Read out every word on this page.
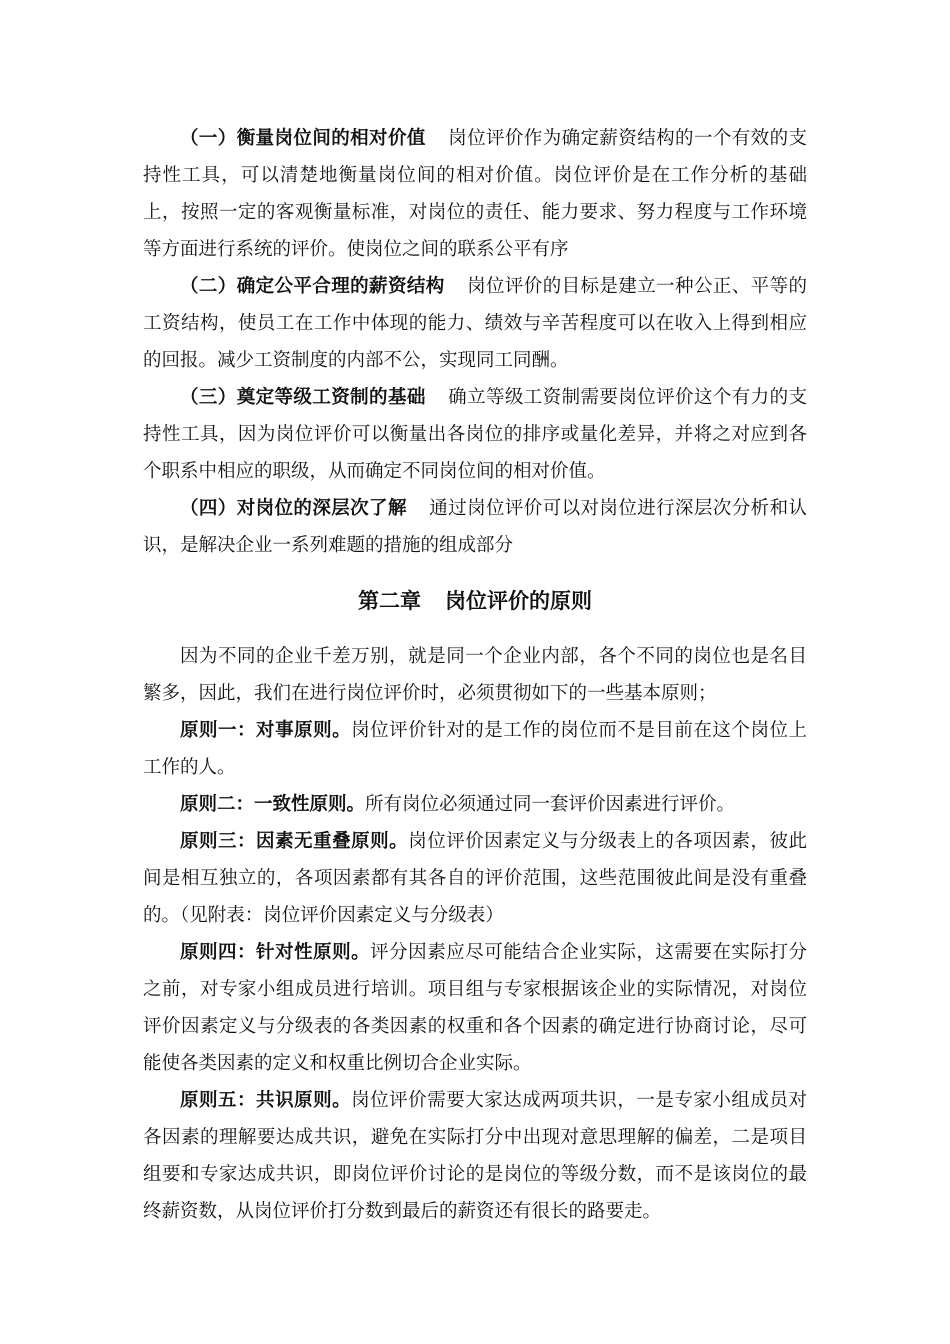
（一）衡量岗位间的相对价值 岗位评价作为确定薪资结构的一个有效的支持性工具，可以清楚地衡量岗位间的相对价值。岗位评价是在工作分析的基础上，按照一定的客观衡量标准，对岗位的责任、能力要求、努力程度与工作环境等方面进行系统的评价。使岗位之间的联系公平有序

（二）确定公平合理的薪资结构 岗位评价的目标是建立一种公正、平等的工资结构，使员工在工作中体现的能力、绩效与辛苦程度可以在收入上得到相应的回报。减少工资制度的内部不公，实现同工同酬。

（三）奠定等级工资制的基础 确立等级工资制需要岗位评价这个有力的支持性工具，因为岗位评价可以衡量出各岗位的排序或量化差异，并将之对应到各个职系中相应的职级，从而确定不同岗位间的相对价值。

（四）对岗位的深层次了解 通过岗位评价可以对岗位进行深层次分析和认识，是解决企业一系列难题的措施的组成部分

第二章 岗位评价的原则

因为不同的企业千差万别，就是同一个企业内部，各个不同的岗位也是名目繁多，因此，我们在进行岗位评价时，必须贯彻如下的一些基本原则；

原则一：对事原则。岗位评价针对的是工作的岗位而不是目前在这个岗位上工作的人。

原则二：一致性原则。所有岗位必须通过同一套评价因素进行评价。

原则三：因素无重叠原则。岗位评价因素定义与分级表上的各项因素，彼此间是相互独立的，各项因素都有其各自的评价范围，这些范围彼此间是没有重叠的。（见附表：岗位评价因素定义与分级表）

原则四：针对性原则。评分因素应尽可能结合企业实际，这需要在实际打分之前，对专家小组成员进行培训。项目组与专家根据该企业的实际情况，对岗位评价因素定义与分级表的各类因素的权重和各个因素的确定进行协商讨论，尽可能使各类因素的定义和权重比例切合企业实际。

原则五：共识原则。岗位评价需要大家达成两项共识，一是专家小组成员对各因素的理解要达成共识，避免在实际打分中出现对意思理解的偏差，二是项目组要和专家达成共识，即岗位评价讨论的是岗位的等级分数，而不是该岗位的最终薪资数，从岗位评价打分数到最后的薪资还有很长的路要走。
